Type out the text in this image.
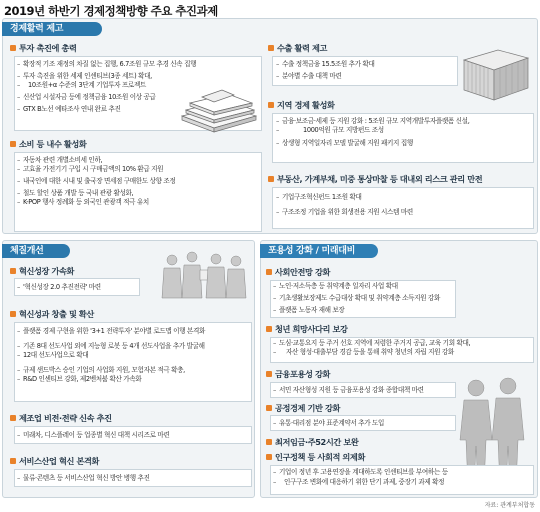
2019년 하반기 경제정책방향 주요 추진과제
경제활력 제고
투자 촉진에 총력
– 확장적 기조 재정의 차질 없는 집행, 6.7조원 규모 추경 신속 집행
– 투자 촉진을 위한 세제 인센티브(3종 세트) 확대,
– 10조원+α 수준의 3단계 기업투자 프로젝트
– 신산업 시설자금 등에 정책금융 10조원 이상 공급
– GTX B노선 예타조사 연내 완료 추진
소비 등 내수 활성화
– 자동차 관련 개별소비세 인하,
– 고효율 가전기기 구입 시 구매금액의 10% 환급 지원
– 내국인에 대한 시내 및 출국장 면세점 구매한도 상향 조정
– 철도 할인 상품 개발 등 국내 관광 활성화,
– K-POP 행사 정례화 등 외국인 관광객 적극 유치
수출 활력 제고
– 수출 정책금융 15.5조원 추가 확대
– 분야별 수출 대책 마련
지역 경제 활성화
– 금융·보조금·세제 등 지원 강화 : 5조원 규모 지역개발투자플랫폼 신설,
– 1000억원 규모 지방펀드 조성
– 상생형 지역일자리 모델 발굴해 지원 패키지 집행
부동산, 가계부채, 미중 통상마찰 등 대내외 리스크 관리 만전
– 기업구조혁신펀드 1조원 확대
– 구조조정 기업을 위한 회생전용 지원 시스템 마련
체질개선
혁신성장 가속화
– '혁신성장 2.0 추진전략' 마련
혁신성과 창출 및 확산
– 플랫폼 경제 구현을 위한 '3+1 전략투자' 분야별 로드맵 이행 본격화
– 기존 8대 선도사업 외에 지능형 로봇 등 4개 선도사업을 추가 발굴해
– 12대 선도사업으로 확대
– 규제 샌드박스 승인 기업의 사업화 지원, 모험자본 적극 확충,
– R&D 인센티브 강화, 제2벤처붐 확산 가속화
제조업 비전·전략 신속 추진
– 미래차, 디스플레이 등 업종별 혁신 대책 시리즈로 마련
서비스산업 혁신 본격화
– 물류·콘텐츠 등 서비스산업 혁신 방안 병행 추진
포용성 강화 / 미래대비
사회안전망 강화
– 노인·저소득층 등 취약계층 일자리 사업 확대
– 기초생활보장제도 수급대상 확대 및 취약계층 소득지원 강화
– 플랫폼 노동자 재해 보장
청년 희망사다리 보강
– 도심·교통요지 등 주거 선호 지역에 저렴한 주거지 공급, 교육 기회 확대,
– 자산 형성·대출부담 경감 등을 통해 취약 청년의 자립 지원 강화
금융포용성 강화
– 서민 자산형성 지원 등 금융포용성 강화 종합대책 마련
공정경제 기반 강화
– 유통·대리점 분야 표준계약서 추가 도입
최저임금·주52시간 보완
인구정책 등 사회적 의제화
– 기업이 정년 후 고용연장을 계대하도록 인센티브를 부여하는 등
– 인구구조 변화에 대응하기 위한 단기 과제, 중장기 과제 확정
자료: 관계부처합동
